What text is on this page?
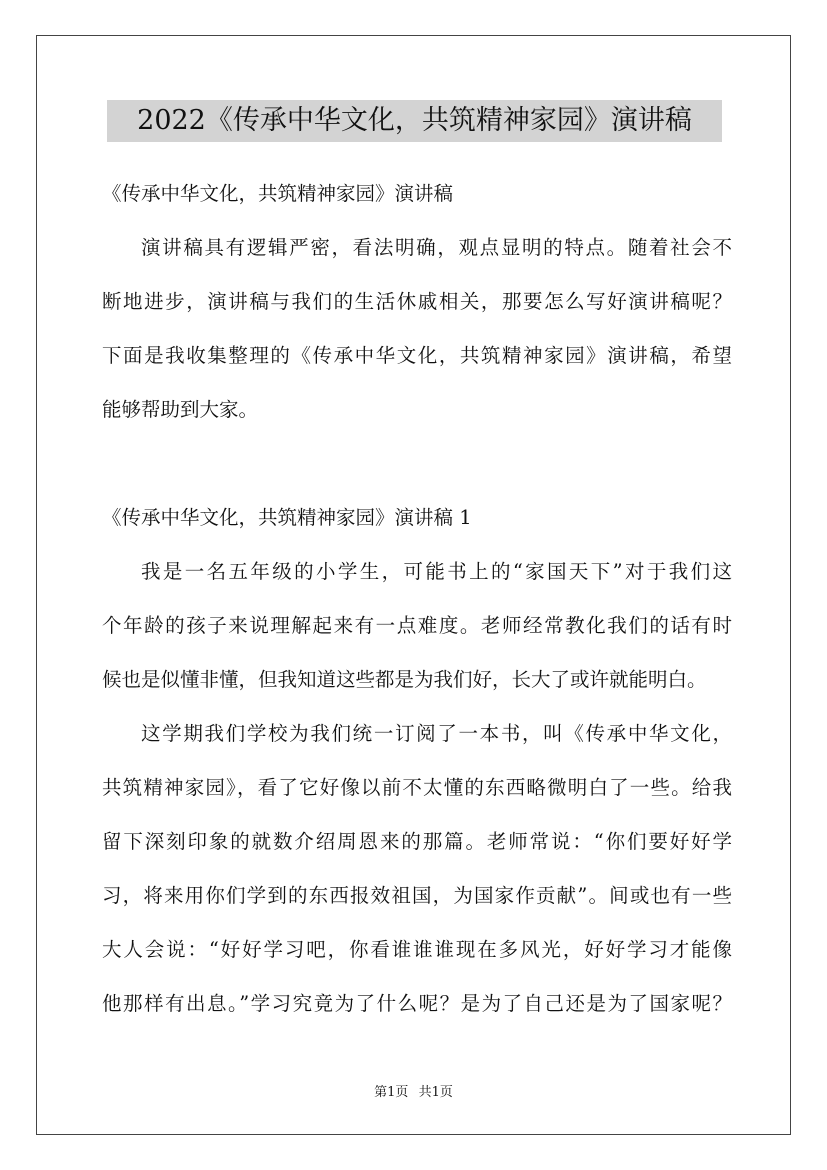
2022《传承中华文化，共筑精神家园》演讲稿
《传承中华文化，共筑精神家园》演讲稿
演讲稿具有逻辑严密，看法明确，观点显明的特点。随着社会不
断地进步，演讲稿与我们的生活休戚相关，那要怎么写好演讲稿呢？
下面是我收集整理的《传承中华文化，共筑精神家园》演讲稿，希望
能够帮助到大家。
《传承中华文化，共筑精神家园》演讲稿 1
我是一名五年级的小学生，可能书上的“家国天下”对于我们这
个年龄的孩子来说理解起来有一点难度。老师经常教化我们的话有时
候也是似懂非懂，但我知道这些都是为我们好，长大了或许就能明白。
这学期我们学校为我们统一订阅了一本书，叫《传承中华文化，
共筑精神家园》，看了它好像以前不太懂的东西略微明白了一些。给我
留下深刻印象的就数介绍周恩来的那篇。老师常说：“你们要好好学
习，将来用你们学到的东西报效祖国，为国家作贡献”。间或也有一些
大人会说：“好好学习吧，你看谁谁谁现在多风光，好好学习才能像
他那样有出息。”学习究竟为了什么呢？是为了自己还是为了国家呢？
第1页 共1页
